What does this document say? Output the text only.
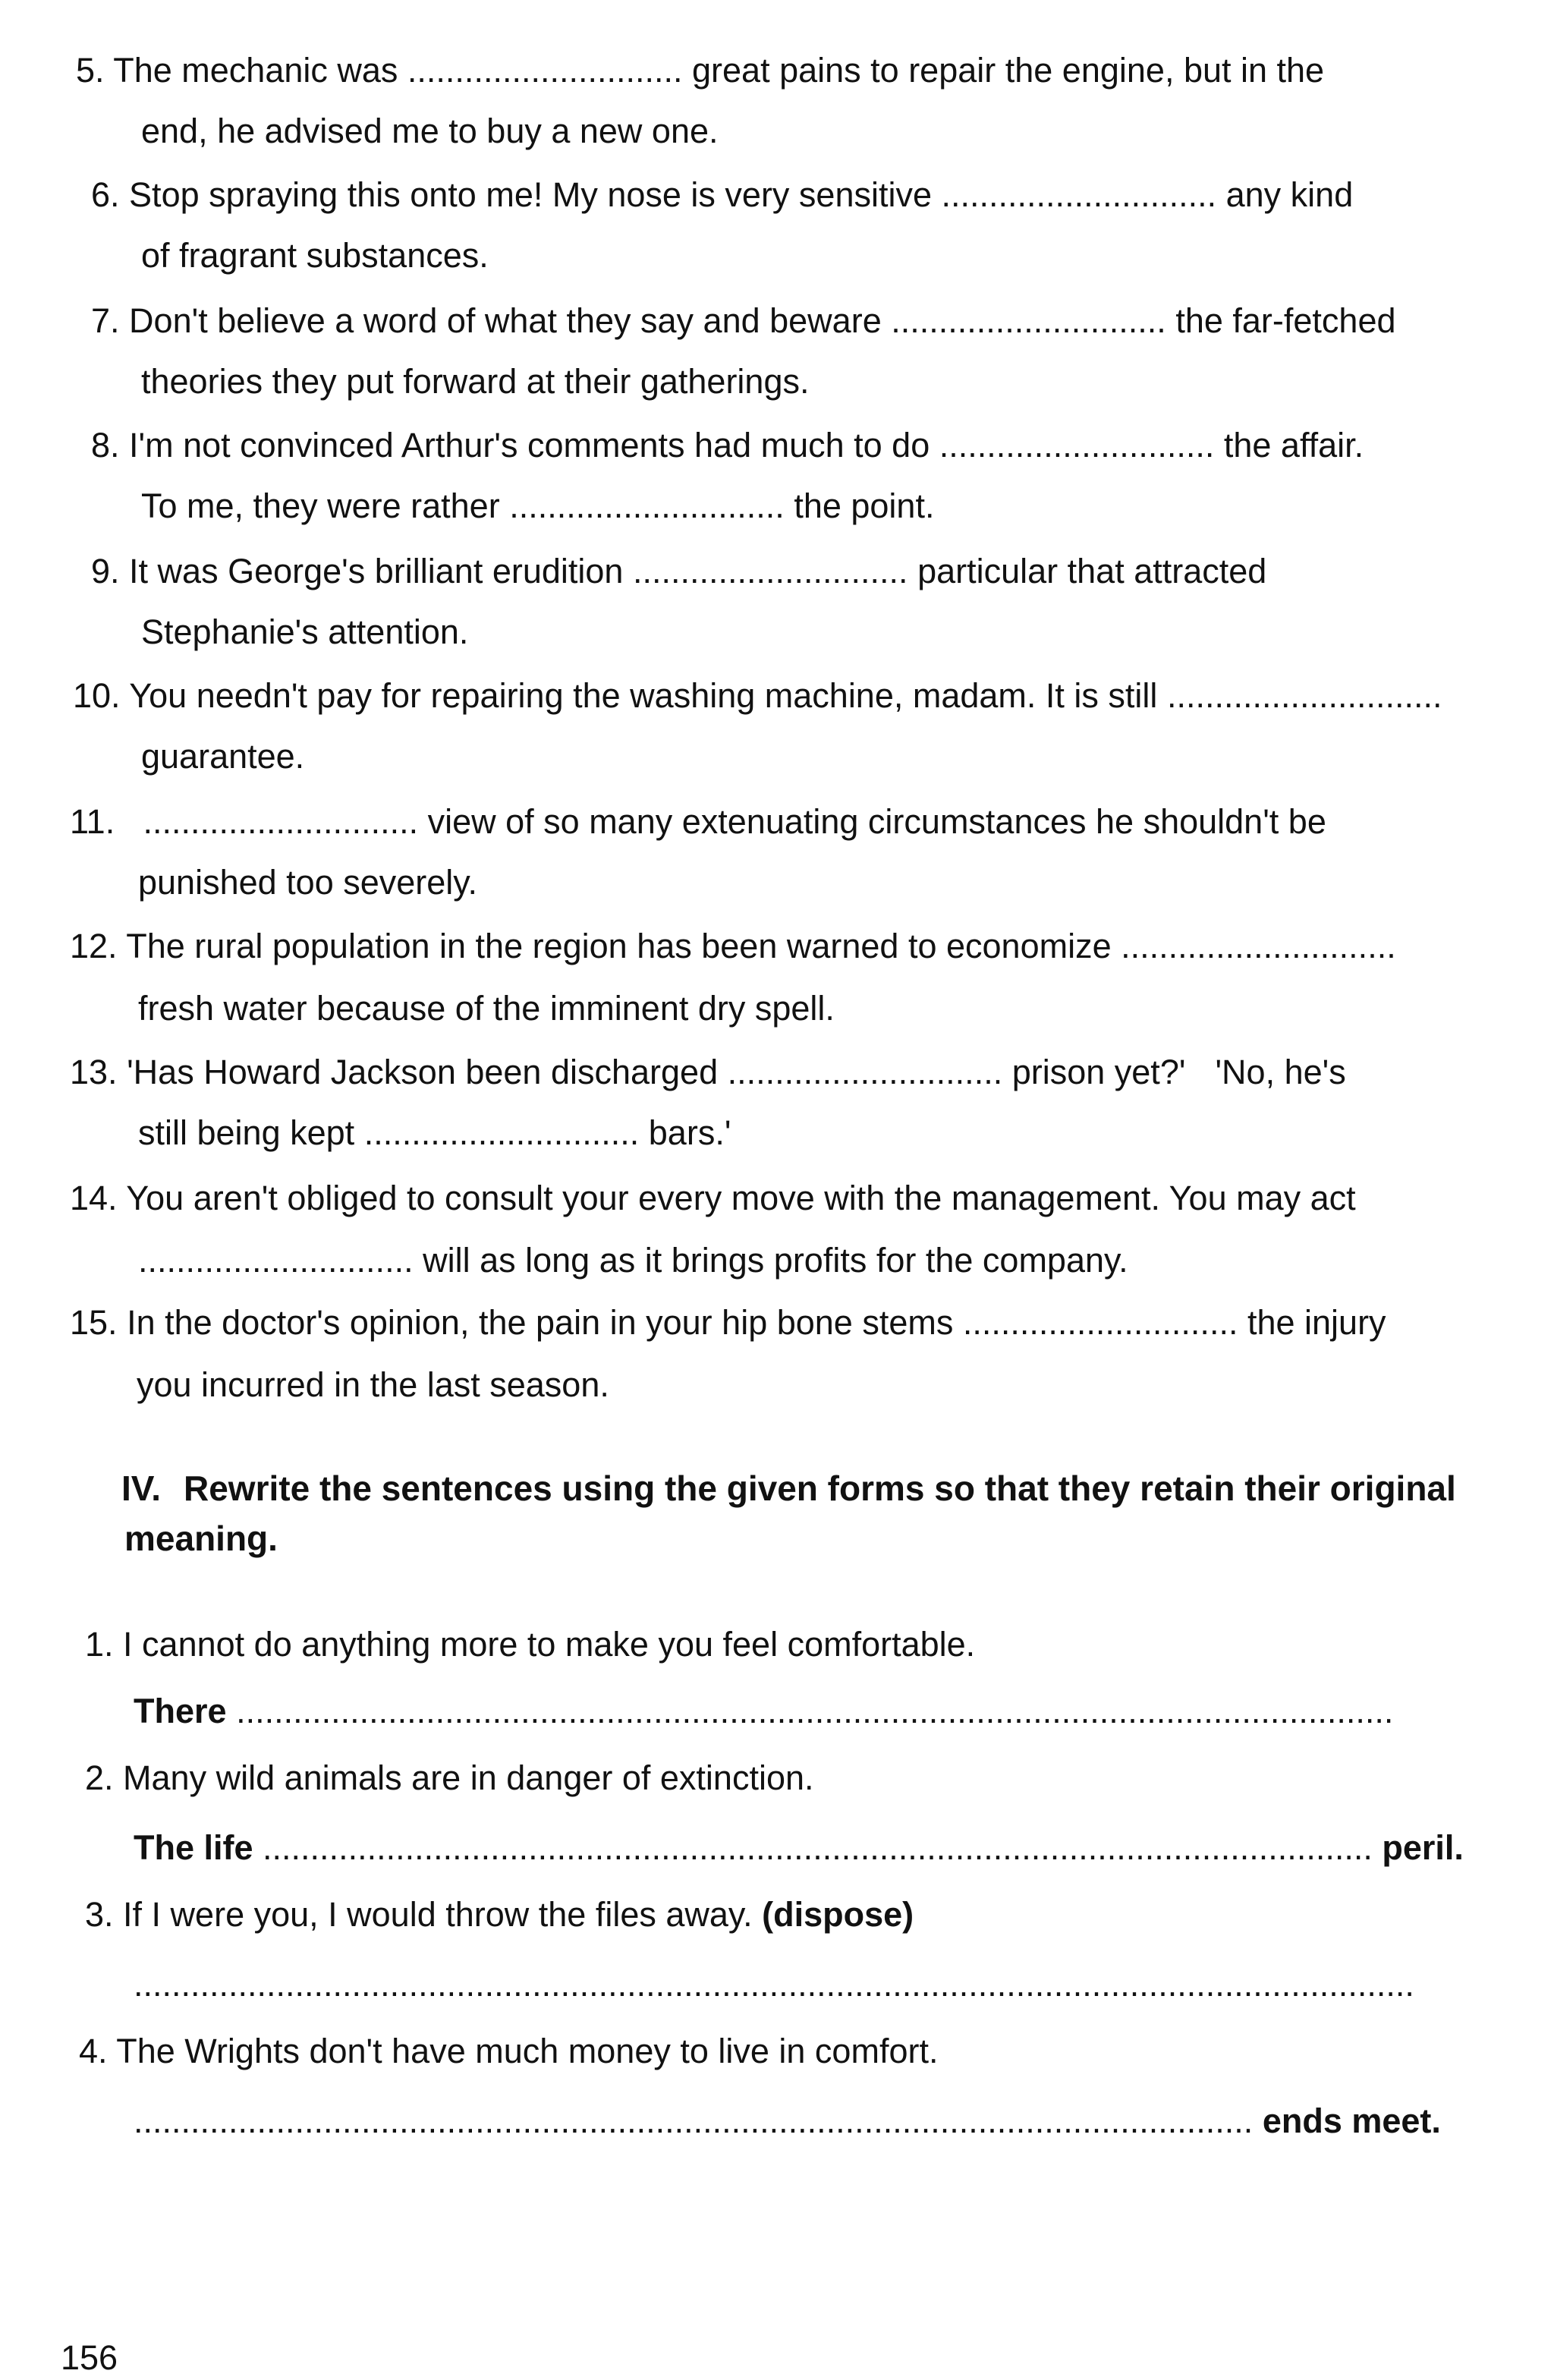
5. The mechanic was ............................. great pains to repair the engine, but in the
end, he advised me to buy a new one.
6. Stop spraying this onto me! My nose is very sensitive ............................. any kind
of fragrant substances.
7. Don't believe a word of what they say and beware ............................. the far-fetched
theories they put forward at their gatherings.
8. I'm not convinced Arthur's comments had much to do ............................. the affair.
To me, they were rather ............................. the point.
9. It was George's brilliant erudition ............................. particular that attracted
Stephanie's attention.
10. You needn't pay for repairing the washing machine, madam. It is still .............................
guarantee.
11. ............................. view of so many extenuating circumstances he shouldn't be
punished too severely.
12. The rural population in the region has been warned to economize .............................
fresh water because of the imminent dry spell.
13. 'Has Howard Jackson been discharged ............................. prison yet?' 'No, he's
still being kept ............................. bars.'
14. You aren't obliged to consult your every move with the management. You may act
............................. will as long as it brings profits for the company.
15. In the doctor's opinion, the pain in your hip bone stems ............................. the injury
you incurred in the last season.
IV. Rewrite the sentences using the given forms so that they retain their original
meaning.
1. I cannot do anything more to make you feel comfortable.
There ..........................................................................................................................
2. Many wild animals are in danger of extinction.
The life ..................................................................................................................... peril.
3. If I were you, I would throw the files away. (dispose)
.......................................................................................................................................
4. The Wrights don't have much money to live in comfort.
...................................................................................................................... ends meet.
156
